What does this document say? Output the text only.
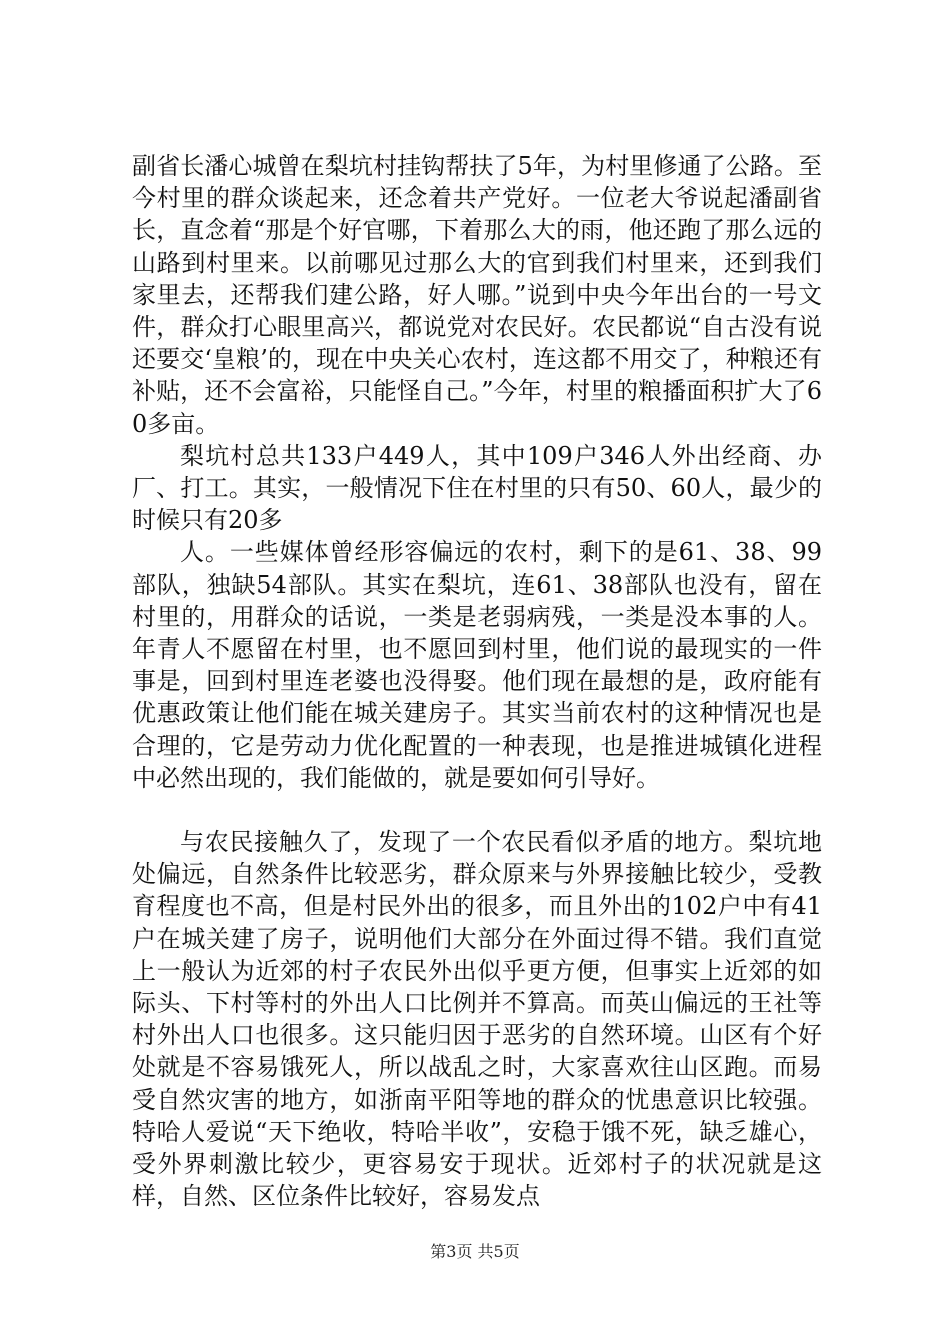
副省长潘心城曾在梨坑村挂钩帮扶了5年，为村里修通了公路。至今村里的群众谈起来，还念着共产党好。一位老大爷说起潘副省长，直念着“那是个好官哪，下着那么大的雨，他还跑了那么远的山路到村里来。以前哪见过那么大的官到我们村里来，还到我们家里去，还帮我们建公路，好人哪。”说到中央今年出台的一号文件，群众打心眼里高兴，都说党对农民好。农民都说“自古没有说还要交‘皇粮’的，现在中央关心农村，连这都不用交了，种粮还有补贴，还不会富裕，只能怪自己。”今年，村里的粮播面积扩大了60多亩。

梨坑村总共133户449人，其中109户346人外出经商、办厂、打工。其实，一般情况下住在村里的只有50、60人，最少的时候只有20多

人。一些媒体曾经形容偏远的农村，剩下的是61、38、99部队，独缺54部队。其实在梨坑，连61、38部队也没有，留在村里的，用群众的话说，一类是老弱病残，一类是没本事的人。年青人不愿留在村里，也不愿回到村里，他们说的最现实的一件事是，回到村里连老婆也没得娶。他们现在最想的是，政府能有优惠政策让他们能在城关建房子。其实当前农村的这种情况也是合理的，它是劳动力优化配置的一种表现，也是推进城镇化进程中必然出现的，我们能做的，就是要如何引导好。

与农民接触久了，发现了一个农民看似矛盾的地方。梨坑地处偏远，自然条件比较恶劣，群众原来与外界接触比较少，受教育程度也不高，但是村民外出的很多，而且外出的102户中有41户在城关建了房子，说明他们大部分在外面过得不错。我们直觉上一般认为近郊的村子农民外出似乎更方便，但事实上近郊的如际头、下村等村的外出人口比例并不算高。而英山偏远的王社等村外出人口也很多。这只能归因于恶劣的自然环境。山区有个好处就是不容易饿死人，所以战乱之时，大家喜欢往山区跑。而易受自然灾害的地方，如浙南平阳等地的群众的忧患意识比较强。特哈人爱说“天下绝收，特哈半收”，安稳于饿不死，缺乏雄心，受外界刺激比较少，更容易安于现状。近郊村子的状况就是这样，自然、区位条件比较好，容易发点

第3页 共5页
